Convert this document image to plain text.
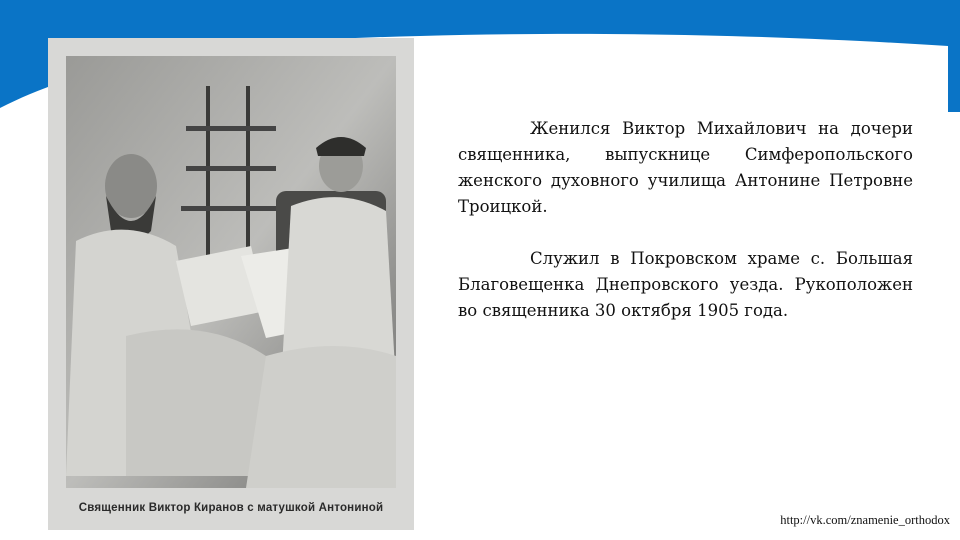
Священник Виктор Киранов с матушкой Антониной

Женился Виктор Михайлович на дочери священника, выпускнице Симферопольского женского духовного училища Антонине Петровне Троицкой.

Служил в Покровском храме с. Большая Благовещенка Днепровского уезда. Рукоположен во священника 30 октября 1905 года.

http://vk.com/znamenie_orthodox
